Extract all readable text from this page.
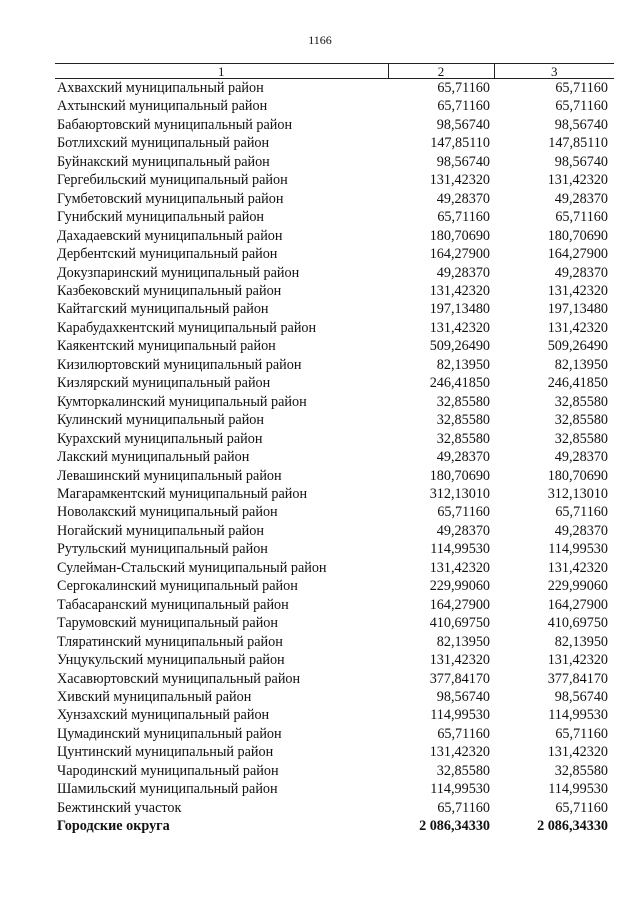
1166
1	2	3
Ахвахский муниципальный район	65,71160	65,71160
Ахтынский муниципальный район	65,71160	65,71160
Бабаюртовский муниципальный район	98,56740	98,56740
Ботлихский муниципальный район	147,85110	147,85110
Буйнакский муниципальный район	98,56740	98,56740
Гергебильский муниципальный район	131,42320	131,42320
Гумбетовский муниципальный район	49,28370	49,28370
Гунибский муниципальный район	65,71160	65,71160
Дахадаевский муниципальный район	180,70690	180,70690
Дербентский муниципальный район	164,27900	164,27900
Докузпаринский муниципальный район	49,28370	49,28370
Казбековский муниципальный район	131,42320	131,42320
Кайтагский муниципальный район	197,13480	197,13480
Карабудахкентский муниципальный район	131,42320	131,42320
Каякентский муниципальный район	509,26490	509,26490
Кизилюртовский муниципальный район	82,13950	82,13950
Кизлярский муниципальный район	246,41850	246,41850
Кумторкалинский муниципальный район	32,85580	32,85580
Кулинский муниципальный район	32,85580	32,85580
Курахский муниципальный район	32,85580	32,85580
Лакский муниципальный район	49,28370	49,28370
Левашинский муниципальный район	180,70690	180,70690
Магарамкентский муниципальный район	312,13010	312,13010
Новолакский муниципальный район	65,71160	65,71160
Ногайский муниципальный район	49,28370	49,28370
Рутульский муниципальный район	114,99530	114,99530
Сулейман-Стальский муниципальный район	131,42320	131,42320
Сергокалинский муниципальный район	229,99060	229,99060
Табасаранский муниципальный район	164,27900	164,27900
Тарумовский муниципальный район	410,69750	410,69750
Тляратинский муниципальный район	82,13950	82,13950
Унцукульский муниципальный район	131,42320	131,42320
Хасавюртовский муниципальный район	377,84170	377,84170
Хивский муниципальный район	98,56740	98,56740
Хунзахский муниципальный район	114,99530	114,99530
Цумадинский муниципальный район	65,71160	65,71160
Цунтинский муниципальный район	131,42320	131,42320
Чародинский муниципальный район	32,85580	32,85580
Шамильский муниципальный район	114,99530	114,99530
Бежтинский участок	65,71160	65,71160
Городские округа	2 086,34330	2 086,34330
